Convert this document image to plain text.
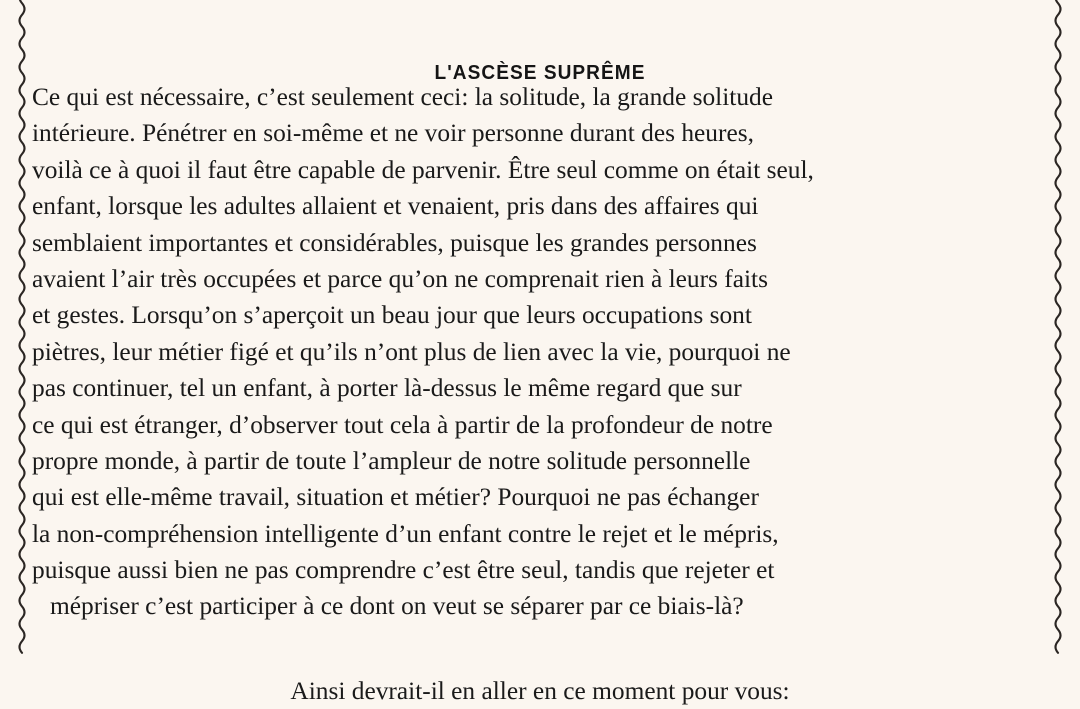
L'ASCÈSE SUPRÊME
Ce qui est nécessaire, c’est seulement ceci: la solitude, la grande solitude
intérieure. Pénétrer en soi-même et ne voir personne durant des heures,
voilà ce à quoi il faut être capable de parvenir. Être seul comme on était seul,
enfant, lorsque les adultes allaient et venaient, pris dans des affaires qui
semblaient importantes et considérables, puisque les grandes personnes
avaient l’air très occupées et parce qu’on ne comprenait rien à leurs faits
et gestes. Lorsqu’on s’aperçoit un beau jour que leurs occupations sont
piètres, leur métier figé et qu’ils n’ont plus de lien avec la vie, pourquoi ne
pas continuer, tel un enfant, à porter là-dessus le même regard que sur
ce qui est étranger, d’observer tout cela à partir de la profondeur de notre
propre monde, à partir de toute l’ampleur de notre solitude personnelle
qui est elle-même travail, situation et métier? Pourquoi ne pas échanger
la non-compréhension intelligente d’un enfant contre le rejet et le mépris,
puisque aussi bien ne pas comprendre c’est être seul, tandis que rejeter et
mépriser c’est participer à ce dont on veut se séparer par ce biais-là?
Ainsi devrait-il en aller en ce moment pour vous:
